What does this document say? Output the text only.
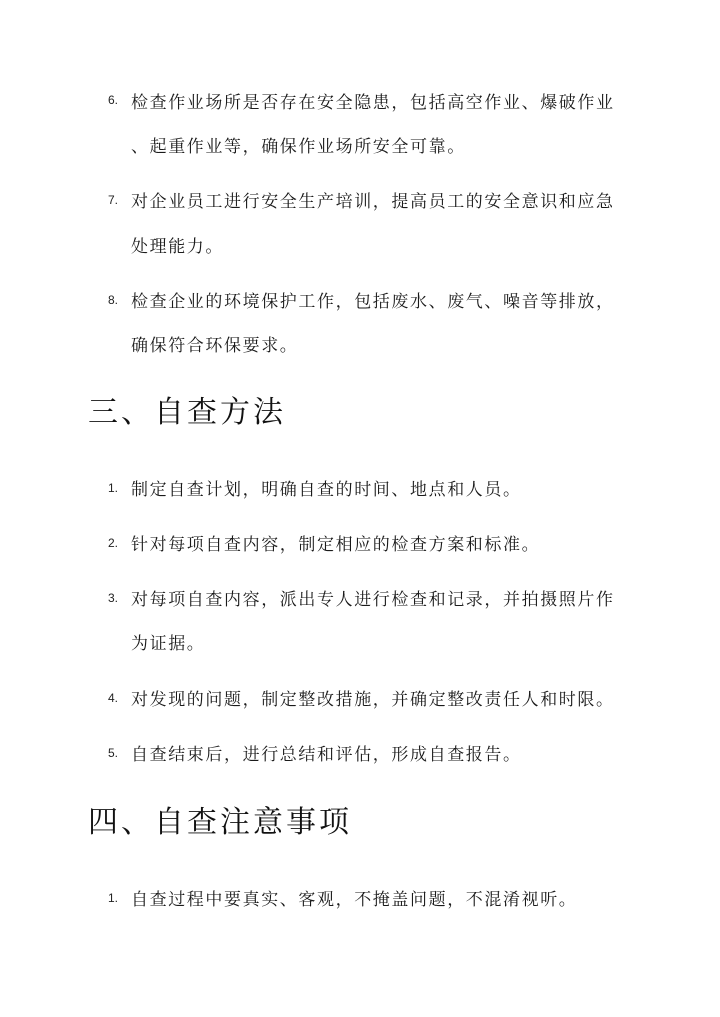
6. 检查作业场所是否存在安全隐患，包括高空作业、爆破作业
、起重作业等，确保作业场所安全可靠。
7. 对企业员工进行安全生产培训，提高员工的安全意识和应急
处理能力。
8. 检查企业的环境保护工作，包括废水、废气、噪音等排放，
确保符合环保要求。
三、自查方法
1. 制定自查计划，明确自查的时间、地点和人员。
2. 针对每项自查内容，制定相应的检查方案和标准。
3. 对每项自查内容，派出专人进行检查和记录，并拍摄照片作
为证据。
4. 对发现的问题，制定整改措施，并确定整改责任人和时限。
5. 自查结束后，进行总结和评估，形成自查报告。
四、自查注意事项
1. 自查过程中要真实、客观，不掩盖问题，不混淆视听。
